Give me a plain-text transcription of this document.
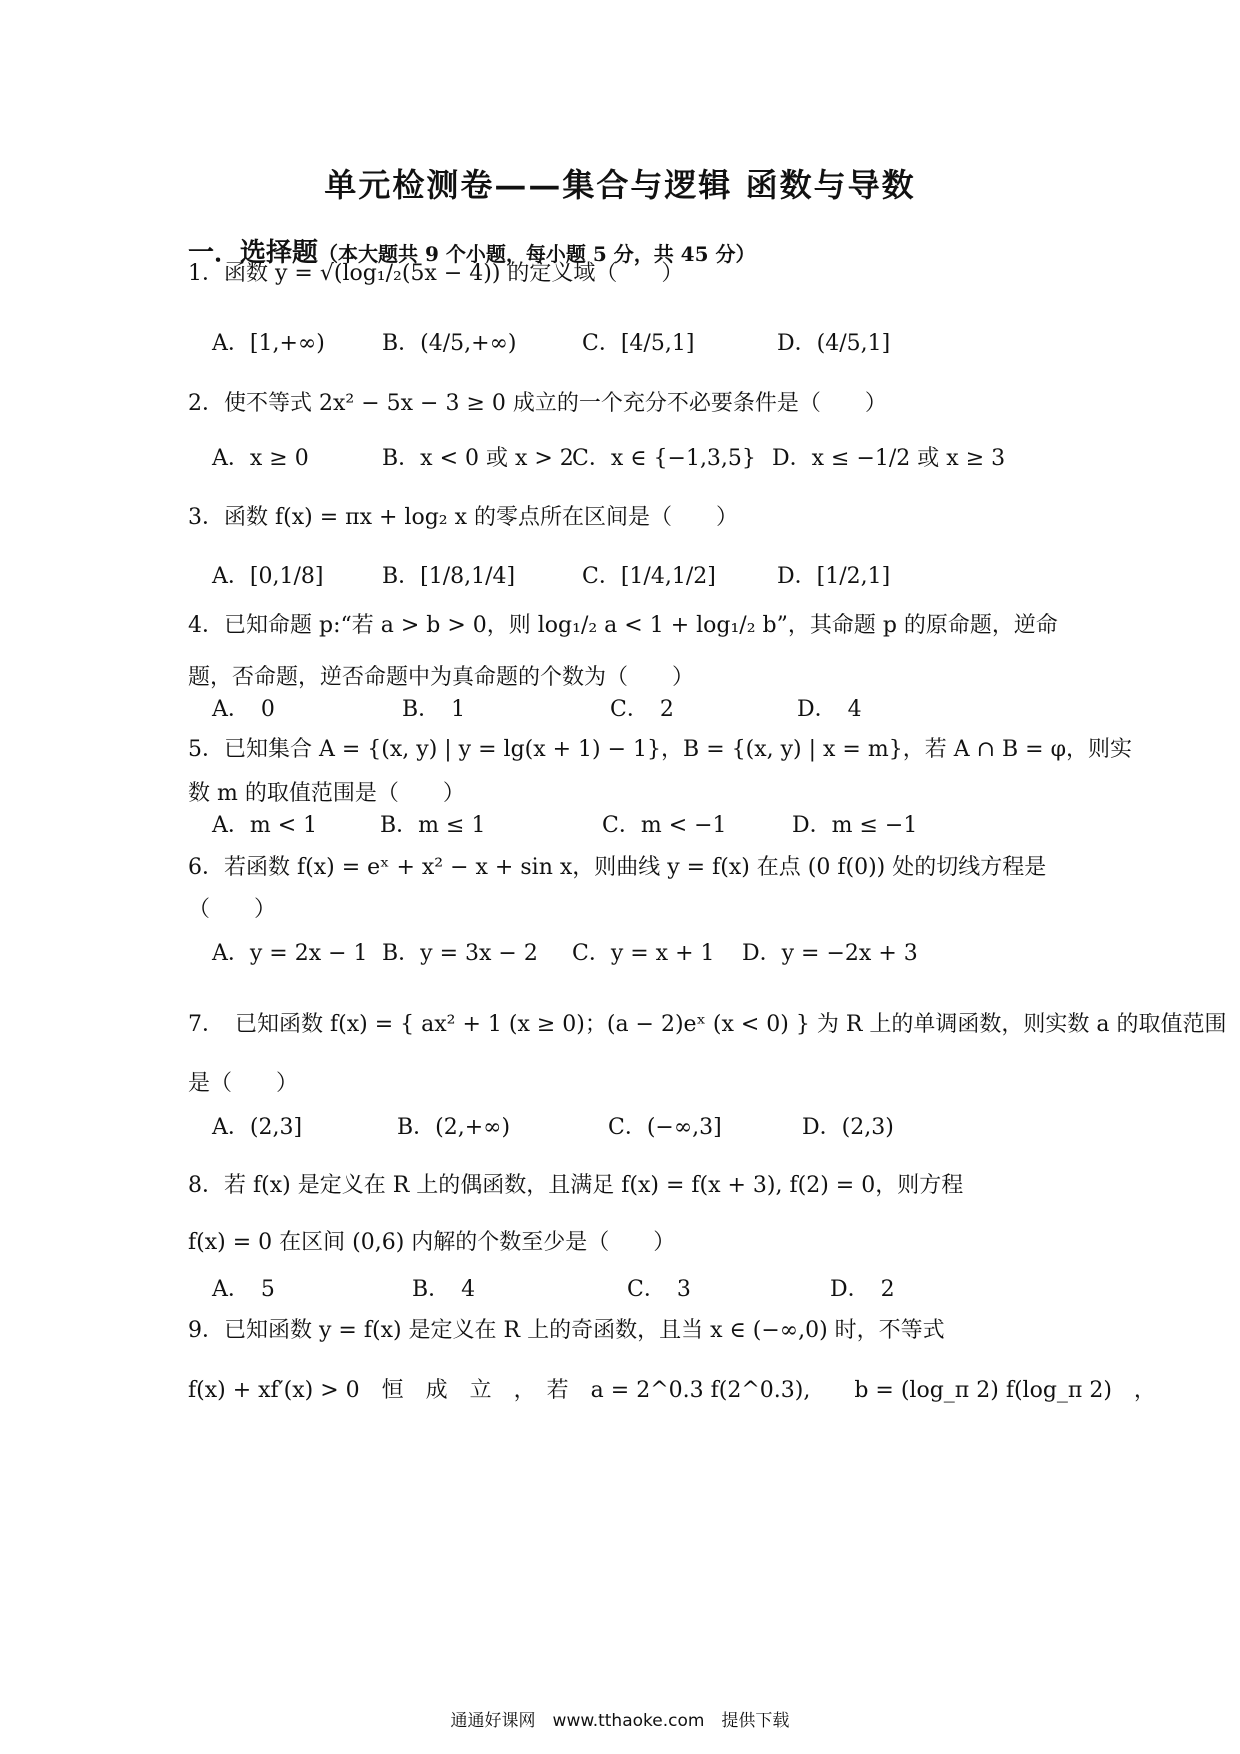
单元检测卷——集合与逻辑 函数与导数
一．选择题（本大题共 9 个小题，每小题 5 分，共 45 分）
1．函数 y = √(log₁/₂(5x − 4)) 的定义域（　　）
A．[1,+∞)	B．(4/5,+∞)	C．[4/5,1]	D．(4/5,1]
2．使不等式 2x² − 5x − 3 ≥ 0 成立的一个充分不必要条件是（　　）
A．x ≥ 0	B．x < 0 或 x > 2
C．x ∈ {−1,3,5} D．x ≤ −1/2 或 x ≥ 3
3．函数 f(x) = πx + log₂ x 的零点所在区间是（　　）
A．[0,1/8]	B．[1/8,1/4]	C．[1/4,1/2]	D．[1/2,1]
4．已知命题 p:“若 a > b > 0，则 log₁/₂ a < 1 + log₁/₂ b”，其命题 p 的原命题，逆命
题，否命题，逆否命题中为真命题的个数为（　　）
A．　0	B．　1	C．　2	D．　4
5．已知集合 A = {(x, y) | y = lg(x + 1) − 1}，B = {(x, y) | x = m}，若 A ∩ B = φ，则实
数 m 的取值范围是（　　）
A．m < 1	B．m ≤ 1	C．m < −1	D．m ≤ −1
6．若函数 f(x) = eˣ + x² − x + sin x，则曲线 y = f(x) 在点 (0 f(0)) 处的切线方程是
（　　）
A．y = 2x − 1 B．y = 3x − 2 C．y = x + 1 D．y = −2x + 3
7．　已知函数 f(x) = { ax² + 1 (x ≥ 0)；(a − 2)eˣ (x < 0) } 为 R 上的单调函数，则实数 a 的取值范围
是（　　）
A．(2,3]	B．(2,+∞)	C．(−∞,3]	D．(2,3)
8．若 f(x) 是定义在 R 上的偶函数，且满足 f(x) = f(x + 3), f(2) = 0，则方程
f(x) = 0 在区间 (0,6) 内解的个数至少是（　　）
A．　5	B．　4	C．　3	D．　2
9．已知函数 y = f(x) 是定义在 R 上的奇函数，且当 x ∈ (−∞,0) 时，不等式
f(x) + xf′(x) > 0　恒　成　立　，　若　a = 2^0.3 f(2^0.3),　　b = (log_π 2) f(log_π 2)　，
通通好课网　www.tthaoke.com　提供下载
